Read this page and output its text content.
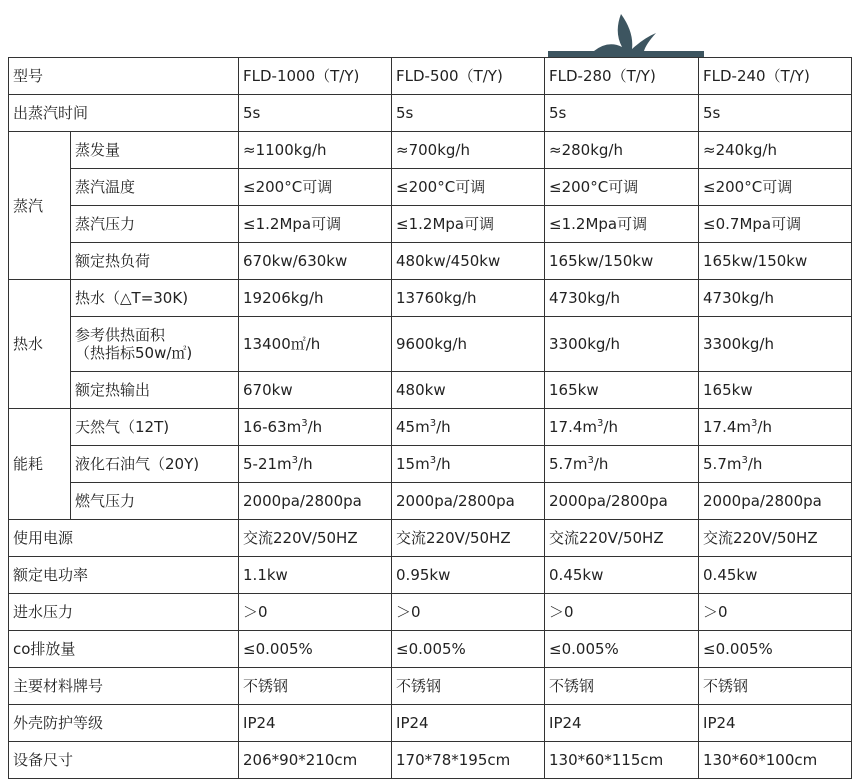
型号		FLD-1000（T/Y)	FLD-500（T/Y)	FLD-280（T/Y)	FLD-240（T/Y)
出蒸汽时间		5s	5s	5s	5s
蒸汽	蒸发量	≈1100kg/h	≈700kg/h	≈280kg/h	≈240kg/h
	蒸汽温度	≤200°C可调	≤200°C可调	≤200°C可调	≤200°C可调
	蒸汽压力	≤1.2Mpa可调	≤1.2Mpa可调	≤1.2Mpa可调	≤0.7Mpa可调
	额定热负荷	670kw/630kw	480kw/450kw	165kw/150kw	165kw/150kw
热水	热水（△T=30K)	19206kg/h	13760kg/h	4730kg/h	4730kg/h
	参考供热面积
（热指标50w/㎡)	13400㎡/h	9600kg/h	3300kg/h	3300kg/h
	额定热输出	670kw	480kw	165kw	165kw
能耗	天然气（12T)	$16-63m^3/h$	$45m^3/h$	$17.4m^3/h$	$17.4m^3/h$
	液化石油气（20Y)	$5-21m^3/h$	$15m^3/h$	$5.7m^3/h$	$5.7m^3/h$
	燃气压力	2000pa/2800pa	2000pa/2800pa	2000pa/2800pa	2000pa/2800pa
使用电源		交流220V/50HZ	交流220V/50HZ	交流220V/50HZ	交流220V/50HZ
额定电功率		1.1kw	0.95kw	0.45kw	0.45kw
进水压力		＞0	＞0	＞0	＞0
co排放量		≤0.005%	≤0.005%	≤0.005%	≤0.005%
主要材料牌号		不锈钢	不锈钢	不锈钢	不锈钢
外壳防护等级		IP24	IP24	IP24	IP24
设备尺寸		206*90*210cm	170*78*195cm	130*60*115cm	130*60*100cm
